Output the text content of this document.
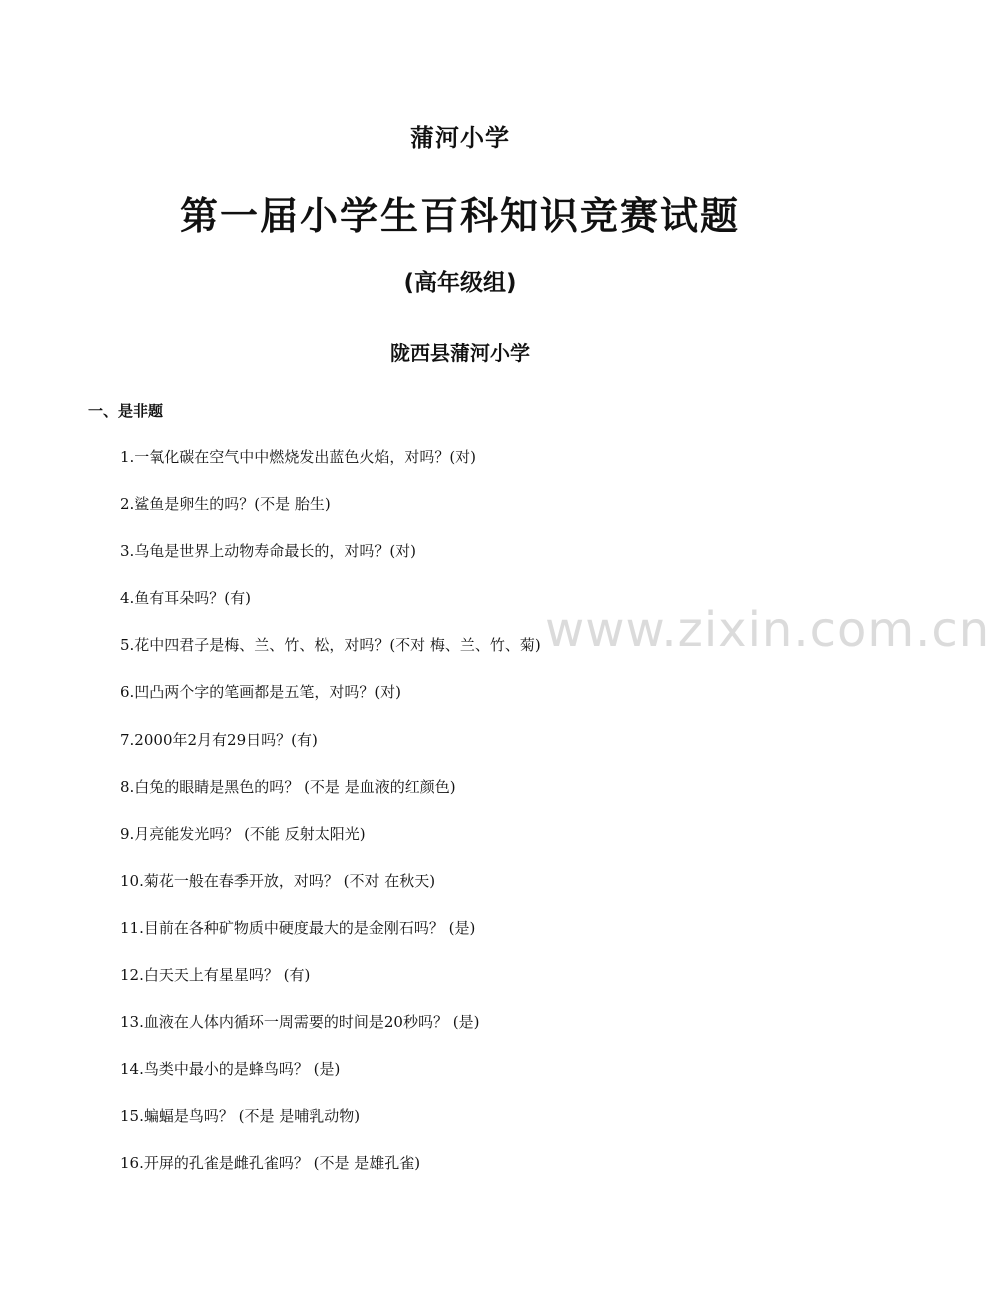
蒲河小学
第一届小学生百科知识竞赛试题
(高年级组)
陇西县蒲河小学
一、是非题
1.一氧化碳在空气中中燃烧发出蓝色火焰，对吗？(对)
2.鲨鱼是卵生的吗？(不是 胎生)
3.乌龟是世界上动物寿命最长的，对吗？(对)
4.鱼有耳朵吗？(有)
5.花中四君子是梅、兰、竹、松，对吗？(不对 梅、兰、竹、菊)
6.凹凸两个字的笔画都是五笔，对吗？(对)
7.2000年2月有29日吗？(有)
8.白兔的眼睛是黑色的吗？ (不是 是血液的红颜色)
9.月亮能发光吗？ (不能 反射太阳光)
10.菊花一般在春季开放，对吗？ (不对 在秋天)
11.目前在各种矿物质中硬度最大的是金刚石吗？ (是)
12.白天天上有星星吗？ (有)
13.血液在人体内循环一周需要的时间是20秒吗？ (是)
14.鸟类中最小的是蜂鸟吗？ (是)
15.蝙蝠是鸟吗？ (不是 是哺乳动物)
16.开屏的孔雀是雌孔雀吗？ (不是 是雄孔雀)
www.zixin.com.cn
